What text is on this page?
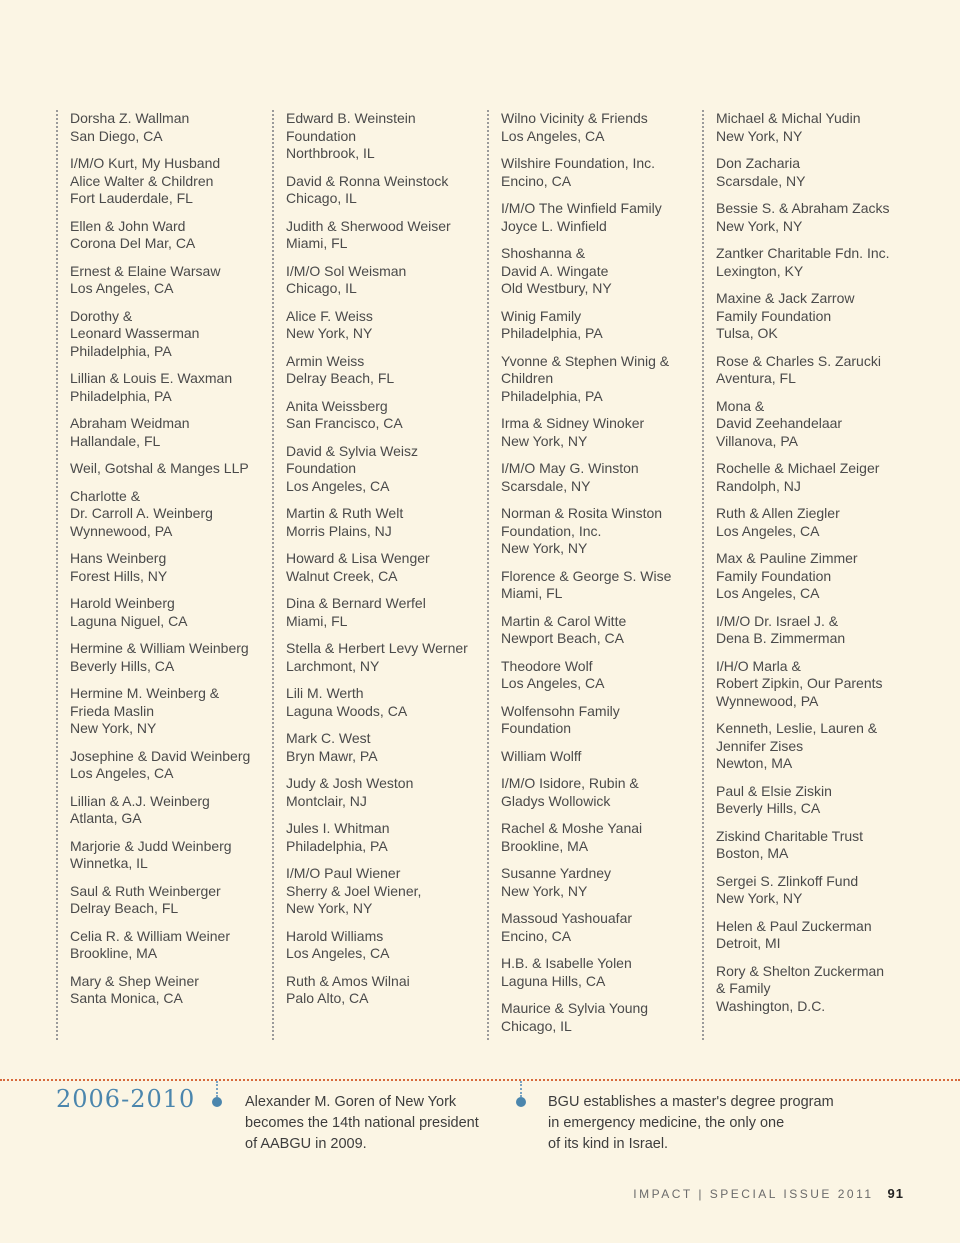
Dorsha Z. Wallman
San Diego, CA
I/M/O Kurt, My Husband
Alice Walter & Children
Fort Lauderdale, FL
Ellen & John Ward
Corona Del Mar, CA
Ernest & Elaine Warsaw
Los Angeles, CA
Dorothy &
Leonard Wasserman
Philadelphia, PA
Lillian & Louis E. Waxman
Philadelphia, PA
Abraham Weidman
Hallandale, FL
Weil, Gotshal & Manges LLP
Charlotte &
Dr. Carroll A. Weinberg
Wynnewood, PA
Hans Weinberg
Forest Hills, NY
Harold Weinberg
Laguna Niguel, CA
Hermine & William Weinberg
Beverly Hills, CA
Hermine M. Weinberg &
Frieda Maslin
New York, NY
Josephine & David Weinberg
Los Angeles, CA
Lillian & A.J. Weinberg
Atlanta, GA
Marjorie & Judd Weinberg
Winnetka, IL
Saul & Ruth Weinberger
Delray Beach, FL
Celia R. & William Weiner
Brookline, MA
Mary & Shep Weiner
Santa Monica, CA
Edward B. Weinstein
Foundation
Northbrook, IL
David & Ronna Weinstock
Chicago, IL
Judith & Sherwood Weiser
Miami, FL
I/M/O Sol Weisman
Chicago, IL
Alice F. Weiss
New York, NY
Armin Weiss
Delray Beach, FL
Anita Weissberg
San Francisco, CA
David & Sylvia Weisz
Foundation
Los Angeles, CA
Martin & Ruth Welt
Morris Plains, NJ
Howard & Lisa Wenger
Walnut Creek, CA
Dina & Bernard Werfel
Miami, FL
Stella & Herbert Levy Werner
Larchmont, NY
Lili M. Werth
Laguna Woods, CA
Mark C. West
Bryn Mawr, PA
Judy & Josh Weston
Montclair, NJ
Jules I. Whitman
Philadelphia, PA
I/M/O Paul Wiener
Sherry & Joel Wiener,
New York, NY
Harold Williams
Los Angeles, CA
Ruth & Amos Wilnai
Palo Alto, CA
Wilno Vicinity & Friends
Los Angeles, CA
Wilshire Foundation, Inc.
Encino, CA
I/M/O The Winfield Family
Joyce L. Winfield
Shoshanna &
David A. Wingate
Old Westbury, NY
Winig Family
Philadelphia, PA
Yvonne & Stephen Winig &
Children
Philadelphia, PA
Irma & Sidney Winoker
New York, NY
I/M/O May G. Winston
Scarsdale, NY
Norman & Rosita Winston
Foundation, Inc.
New York, NY
Florence & George S. Wise
Miami, FL
Martin & Carol Witte
Newport Beach, CA
Theodore Wolf
Los Angeles, CA
Wolfensohn Family
Foundation
William Wolff
I/M/O Isidore, Rubin &
Gladys Wollowick
Rachel & Moshe Yanai
Brookline, MA
Susanne Yardney
New York, NY
Massoud Yashouafar
Encino, CA
H.B. & Isabelle Yolen
Laguna Hills, CA
Maurice & Sylvia Young
Chicago, IL
Michael & Michal Yudin
New York, NY
Don Zacharia
Scarsdale, NY
Bessie S. & Abraham Zacks
New York, NY
Zantker Charitable Fdn. Inc.
Lexington, KY
Maxine & Jack Zarrow
Family Foundation
Tulsa, OK
Rose & Charles S. Zarucki
Aventura, FL
Mona &
David Zeehandelaar
Villanova, PA
Rochelle & Michael Zeiger
Randolph, NJ
Ruth & Allen Ziegler
Los Angeles, CA
Max & Pauline Zimmer
Family Foundation
Los Angeles, CA
I/M/O Dr. Israel J. &
Dena B. Zimmerman
I/H/O Marla &
Robert Zipkin, Our Parents
Wynnewood, PA
Kenneth, Leslie, Lauren &
Jennifer Zises
Newton, MA
Paul & Elsie Ziskin
Beverly Hills, CA
Ziskind Charitable Trust
Boston, MA
Sergei S. Zlinkoff Fund
New York, NY
Helen & Paul Zuckerman
Detroit, MI
Rory & Shelton Zuckerman
& Family
Washington, D.C.
2006-2010	Alexander M. Goren of New York
becomes the 14th national president
of AABGU in 2009.
BGU establishes a master's degree program
in emergency medicine, the only one
of its kind in Israel.
IMPACT | SPECIAL ISSUE 2011 91
